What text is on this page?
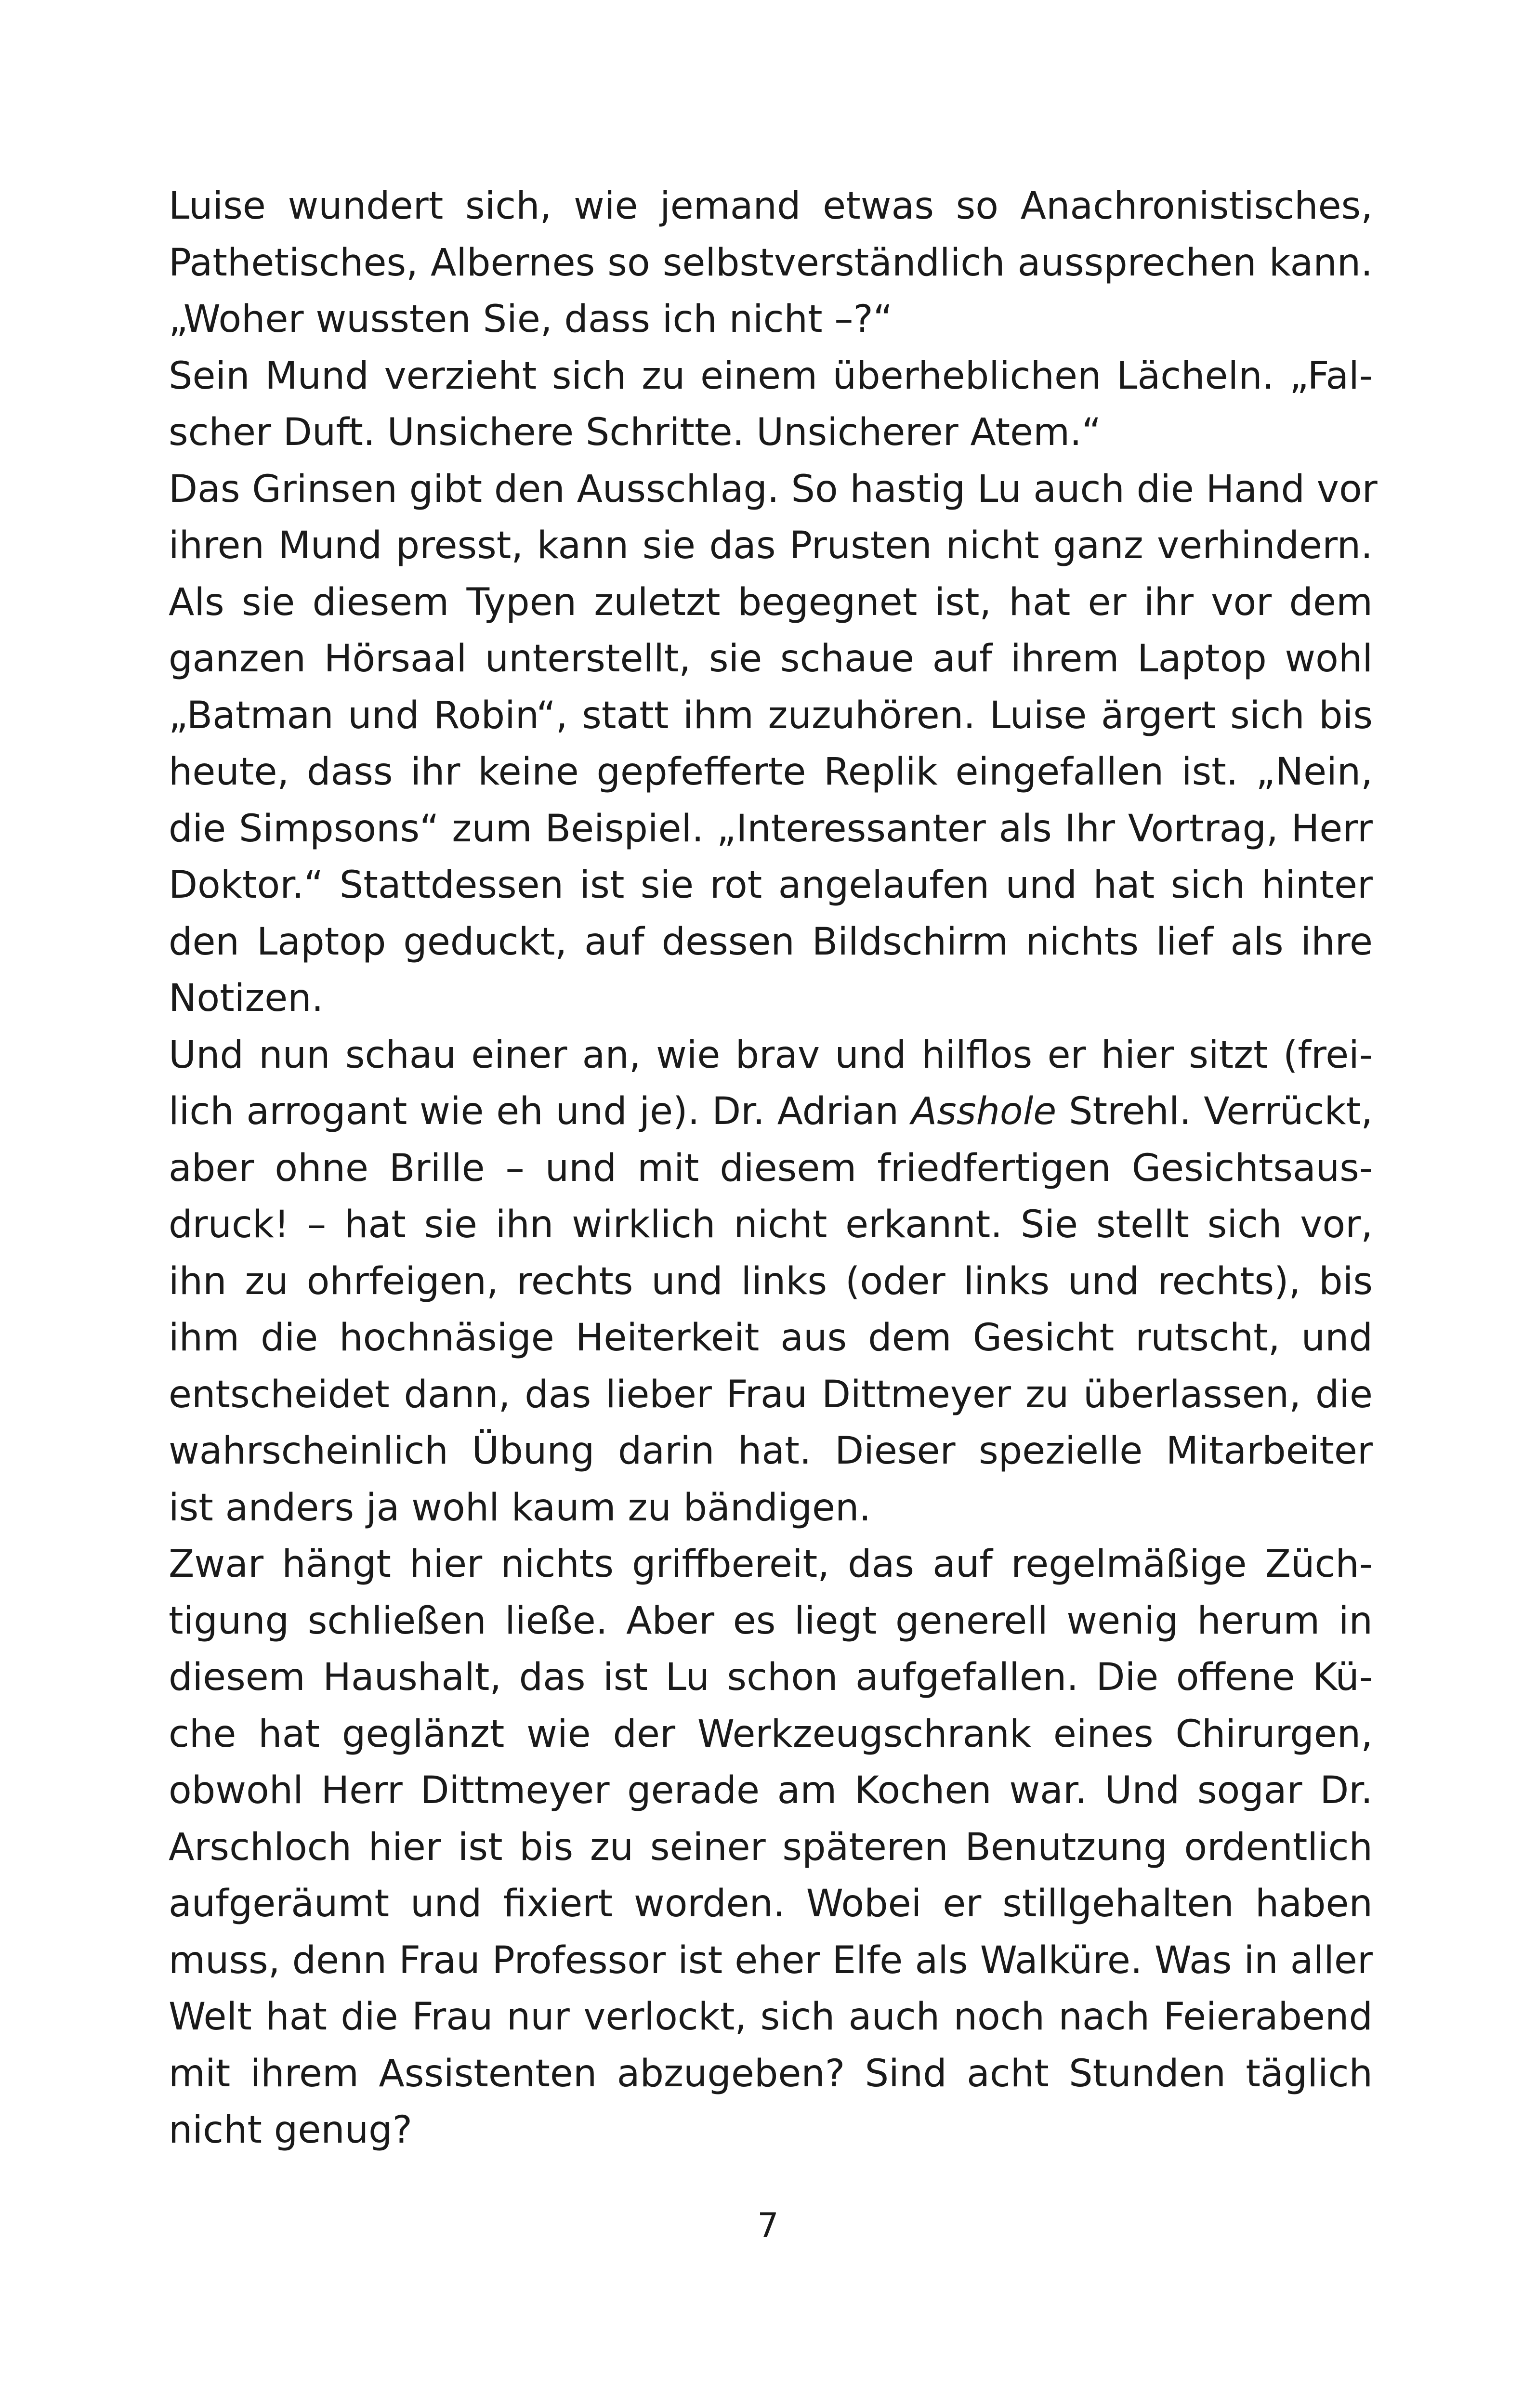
Luise wundert sich, wie jemand etwas so Anachronistisches,
Pathetisches, Albernes so selbstverständlich aussprechen kann.
„Woher wussten Sie, dass ich nicht –?“
Sein Mund verzieht sich zu einem überheblichen Lächeln. „Fal-
scher Duft. Unsichere Schritte. Unsicherer Atem.“
Das Grinsen gibt den Ausschlag. So hastig Lu auch die Hand vor
ihren Mund presst, kann sie das Prusten nicht ganz verhindern.
Als sie diesem Typen zuletzt begegnet ist, hat er ihr vor dem
ganzen Hörsaal unterstellt, sie schaue auf ihrem Laptop wohl
„Batman und Robin“, statt ihm zuzuhören. Luise ärgert sich bis
heute, dass ihr keine gepfefferte Replik eingefallen ist. „Nein,
die Simpsons“ zum Beispiel. „Interessanter als Ihr Vortrag, Herr
Doktor.“ Stattdessen ist sie rot angelaufen und hat sich hinter
den Laptop geduckt, auf dessen Bildschirm nichts lief als ihre
Notizen.
Und nun schau einer an, wie brav und hilflos er hier sitzt (frei-
lich arrogant wie eh und je). Dr. Adrian Asshole Strehl. Verrückt,
aber ohne Brille – und mit diesem friedfertigen Gesichtsaus-
druck! – hat sie ihn wirklich nicht erkannt. Sie stellt sich vor,
ihn zu ohrfeigen, rechts und links (oder links und rechts), bis
ihm die hochnäsige Heiterkeit aus dem Gesicht rutscht, und
entscheidet dann, das lieber Frau Dittmeyer zu überlassen, die
wahrscheinlich Übung darin hat. Dieser spezielle Mitarbeiter
ist anders ja wohl kaum zu bändigen.
Zwar hängt hier nichts griffbereit, das auf regelmäßige Züch-
tigung schließen ließe. Aber es liegt generell wenig herum in
diesem Haushalt, das ist Lu schon aufgefallen. Die offene Kü-
che hat geglänzt wie der Werkzeugschrank eines Chirurgen,
obwohl Herr Dittmeyer gerade am Kochen war. Und sogar Dr.
Arschloch hier ist bis zu seiner späteren Benutzung ordentlich
aufgeräumt und fixiert worden. Wobei er stillgehalten haben
muss, denn Frau Professor ist eher Elfe als Walküre. Was in aller
Welt hat die Frau nur verlockt, sich auch noch nach Feierabend
mit ihrem Assistenten abzugeben? Sind acht Stunden täglich
nicht genug?
7
